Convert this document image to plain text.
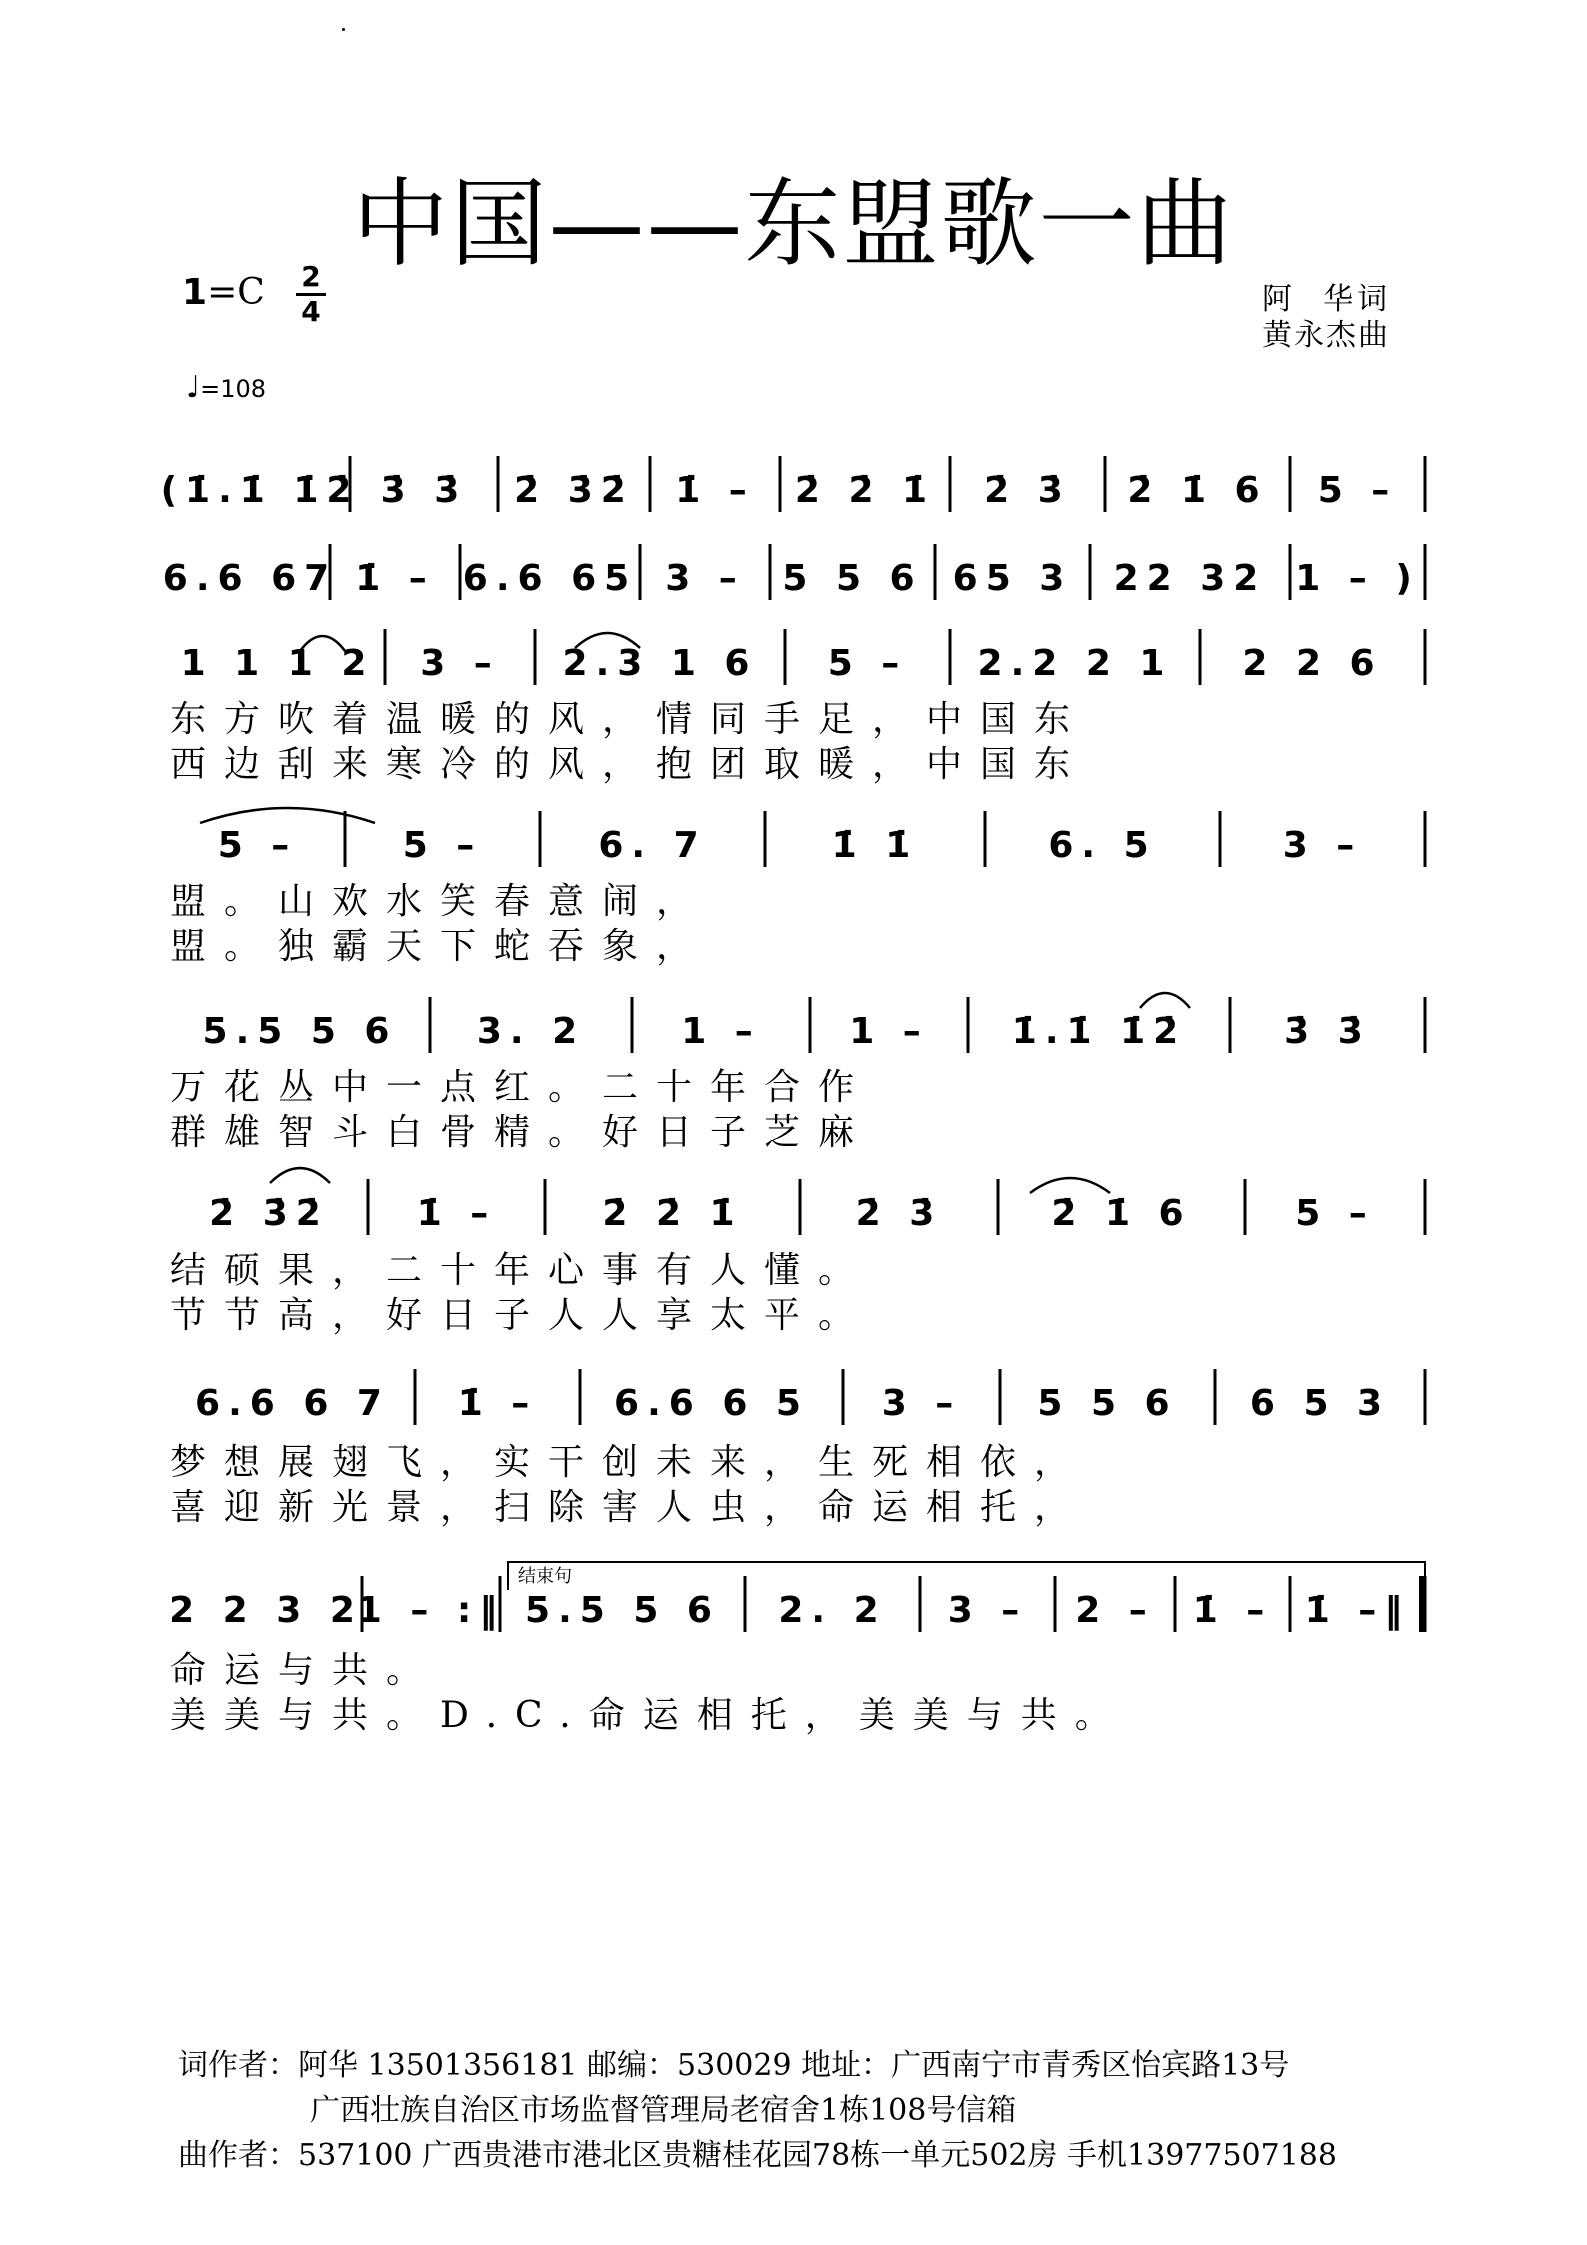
中国——东盟歌一曲
1=C 2
4
♩=108
阿  华词
黄永杰曲
(1̇.1̇ 1̇2̇ 3̇ 3̇ 2̇ 3̇2̇ 1̇ – 2̇ 2̇ 1̇ 2̇ 3̇ 2̇ 1̇ 6 5 –
6.6 67 1̇ – 6.6 65 3 – 5 5 6 65 3 22 32 1 – )
1 1 1 2 3 – 2.3 1 6 5 – 2.2 2 1 2 2 6
5 –	5 –	6. 7	1̇ 1̇	6. 5	3 –
5.5 5 6 3. 2	1 – 1 – 1̇.1̇ 1̇2̇	3̇ 3̇
2̇ 3̇2̇ 1̇ –	2̇ 2̇ 1̇	2̇ 3̇	2̇ 1̇ 6	5 –
6.6 6 7 1̇ – 6.6 6 5 3 – 5 5 6 6 5 3
2 2 3 2
1 – :‖ 5.5 5 6 2. 2 3 – 2 – 1̇ – 1̇ –‖
结束句
东方吹着温暖的风，情同手足，中国东
西边刮来寒冷的风，抱团取暖，中国东
盟。山欢水笑春意闹，
盟。独霸天下蛇吞象，
万花丛中一点红。二十年合作
群雄智斗白骨精。好日子芝麻
结硕果，二十年心事有人懂。
节节高，好日子人人享太平。
梦想展翅飞，实干创未来，生死相依，
喜迎新光景，扫除害人虫，命运相托，
命运与共。
美美与共。D.C.命运相托，美美与共。
词作者：阿华 13501356181 邮编：530029 地址：广西南宁市青秀区怡宾路13号
广西壮族自治区市场监督管理局老宿舍1栋108号信箱
曲作者：537100 广西贵港市港北区贵糖桂花园78栋一单元502房 手机13977507188
